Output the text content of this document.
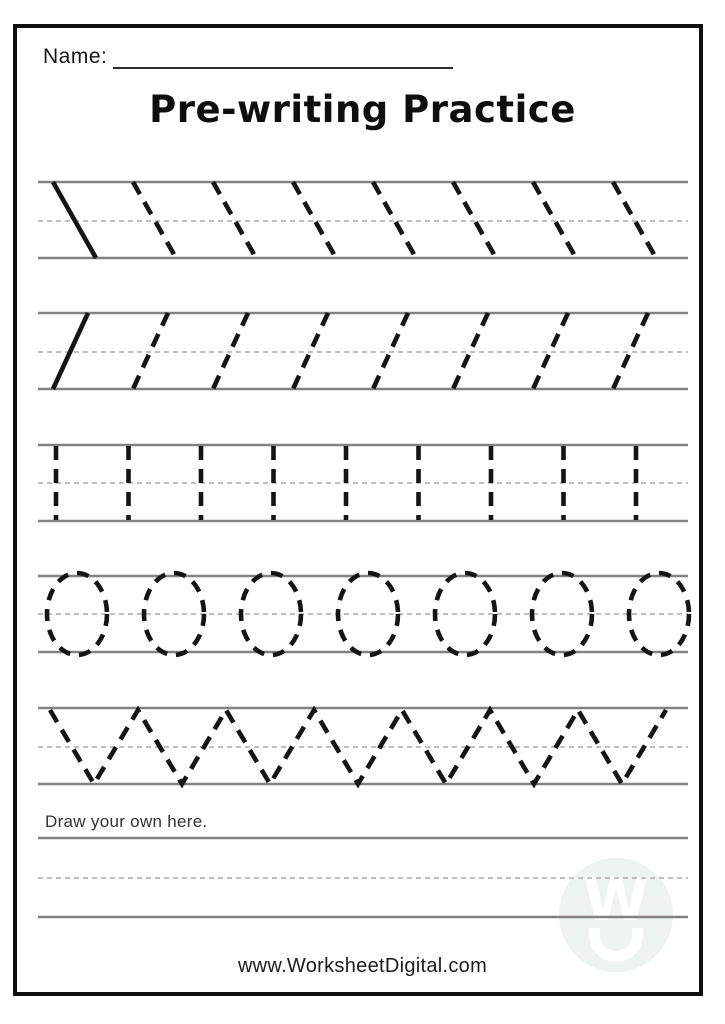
W
Name:
Pre-writing Practice
Draw your own here.
www.WorksheetDigital.com
